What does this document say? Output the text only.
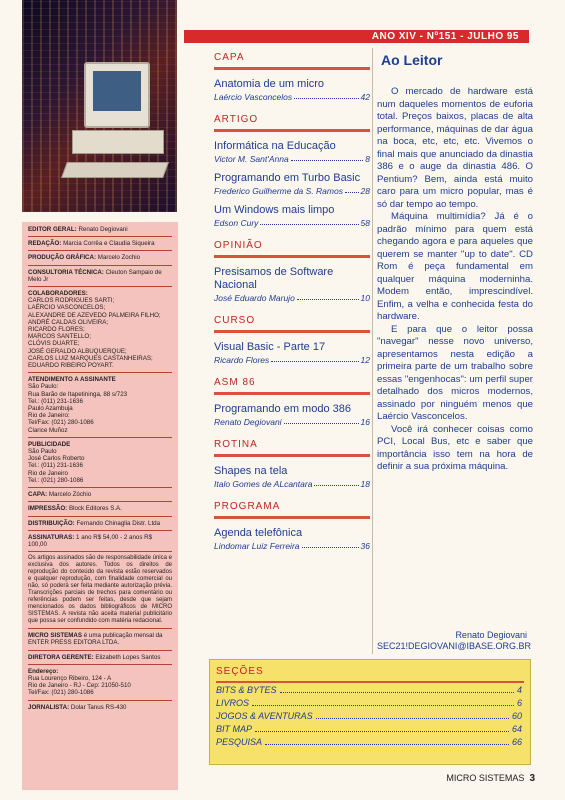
EDITOR GERAL: Renato Degiovani
REDAÇÃO: Marcia Corrêa e Claudia Siqueira
PRODUÇÃO GRÁFICA: Marcelo Zochio
CONSULTORIA TÉCNICA: Cleuton Sampaio de Melo Jr
COLABORADORES:
CARLOS RODRIGUES SARTI;
LAÉRCIO VASCONCELOS;
ALEXANDRE DE AZEVEDO PALMEIRA FILHO;
ANDRÉ CALDAS OLIVEIRA;
RICARDO FLORES;
MARCOS SANTELLO;
CLÓVIS DUARTE;
JOSÉ GERALDO ALBUQUERQUE;
CARLOS LUIZ MARQUES CASTANHEIRAS;
EDUARDO RIBEIRO POYART.
ATENDIMENTO A ASSINANTE
São Paulo:
Rua Barão de Itapetininga, 88 s/723
Tel.: (011) 231-1636
Paulo Azambuja
Rio de Janeiro:
Tel/Fax: (021) 280-1086
Clarice Muñoz
PUBLICIDADE
São Paulo
José Carlos Roberto
Tel.: (011) 231-1636
Rio de Janeiro
Tel.: (021) 280-1086
CAPA: Marcelo Zóchio
IMPRESSÃO: Block Editores S.A.
DISTRIBUIÇÃO: Fernando Chinaglia Distr. Ltda
ASSINATURAS: 1 ano R$ 54,00 - 2 anos R$ 100,00
Os artigos assinados são de responsabilidade única e exclusiva dos autores. Todos os direitos de reprodução do conteúdo da revista estão reservados e qualquer reprodução, com finalidade comercial ou não, só poderá ser feita mediante autorização prévia. Transcrições parciais de trechos para comentário ou referências podem ser feitas, desde que sejam mencionados os dados bibliográficos de MICRO SISTEMAS. A revista não aceita material publicitário que possa ser confundido com matéria redacional.
MICRO SISTEMAS é uma publicação mensal da ENTER PRESS EDITORA LTDA.
DIRETORA GERENTE: Elizabeth Lopes Santos
Endereço:
Rua Lourenço Ribeiro, 124 - A
Rio de Janeiro - RJ - Cep: 21050-510
Tel/Fax: (021) 280-1086
JORNALISTA: Dolar Tanus RS-430
ANO XIV - Nº151 - JULHO 95
CAPA
Anatomia de um micro
Laércio Vasconcelos	42
ARTIGO
Informática na Educação
Victor M. Sant'Anna	8
Programando em Turbo Basic
Frederico Guilherme da S. Ramos 28
Um Windows mais limpo
Edson Cury	58
OPINIÃO
Presisamos de Software Nacional
José Eduardo Marujo	10
CURSO
Visual Basic - Parte 17
Ricardo Flores	12
ASM 86
Programando em modo 386
Renato Degiovani	16
ROTINA
Shapes na tela
Italo Gomes de ALcantara	18
PROGRAMA
Agenda telefônica
Lindomar Luiz Ferreira	36
Ao Leitor

O mercado de hardware está num daqueles momentos de euforia total. Preços baixos, placas de alta performance, máquinas de dar água na boca, etc, etc, etc. Vivemos o final mais que anunciado da dinastia 386 e o auge da dinastia 486. O Pentium? Bem, ainda está muito caro para um micro popular, mas é só dar tempo ao tempo.

Máquina multimídia? Já é o padrão mínimo para quem está chegando agora e para aqueles que querem se manter "up to date". CD Rom é peça fundamental em qualquer máquina moderninha. Modem então, imprescindível. Enfim, a velha e conhecida festa do hardware.

E para que o leitor possa "navegar" nesse novo universo, apresentamos nesta edição a primeira parte de um trabalho sobre essas "engenhocas": um perfil super detalhado dos micros modernos, assinado por ninguém menos que Laércio Vasconcelos.

Você irá conhecer coisas como PCI, Local Bus, etc e saber que importância isso tem na hora de definir a sua próxima máquina.

Renato Degiovani
SEC21!DEGIOVANI@IBASE.ORG.BR
SEÇÕES
BITS & BYTES	4
LIVROS	6
JOGOS & AVENTURAS	60
BIT MAP	64
PESQUISA	66
MICRO SISTEMAS 3
